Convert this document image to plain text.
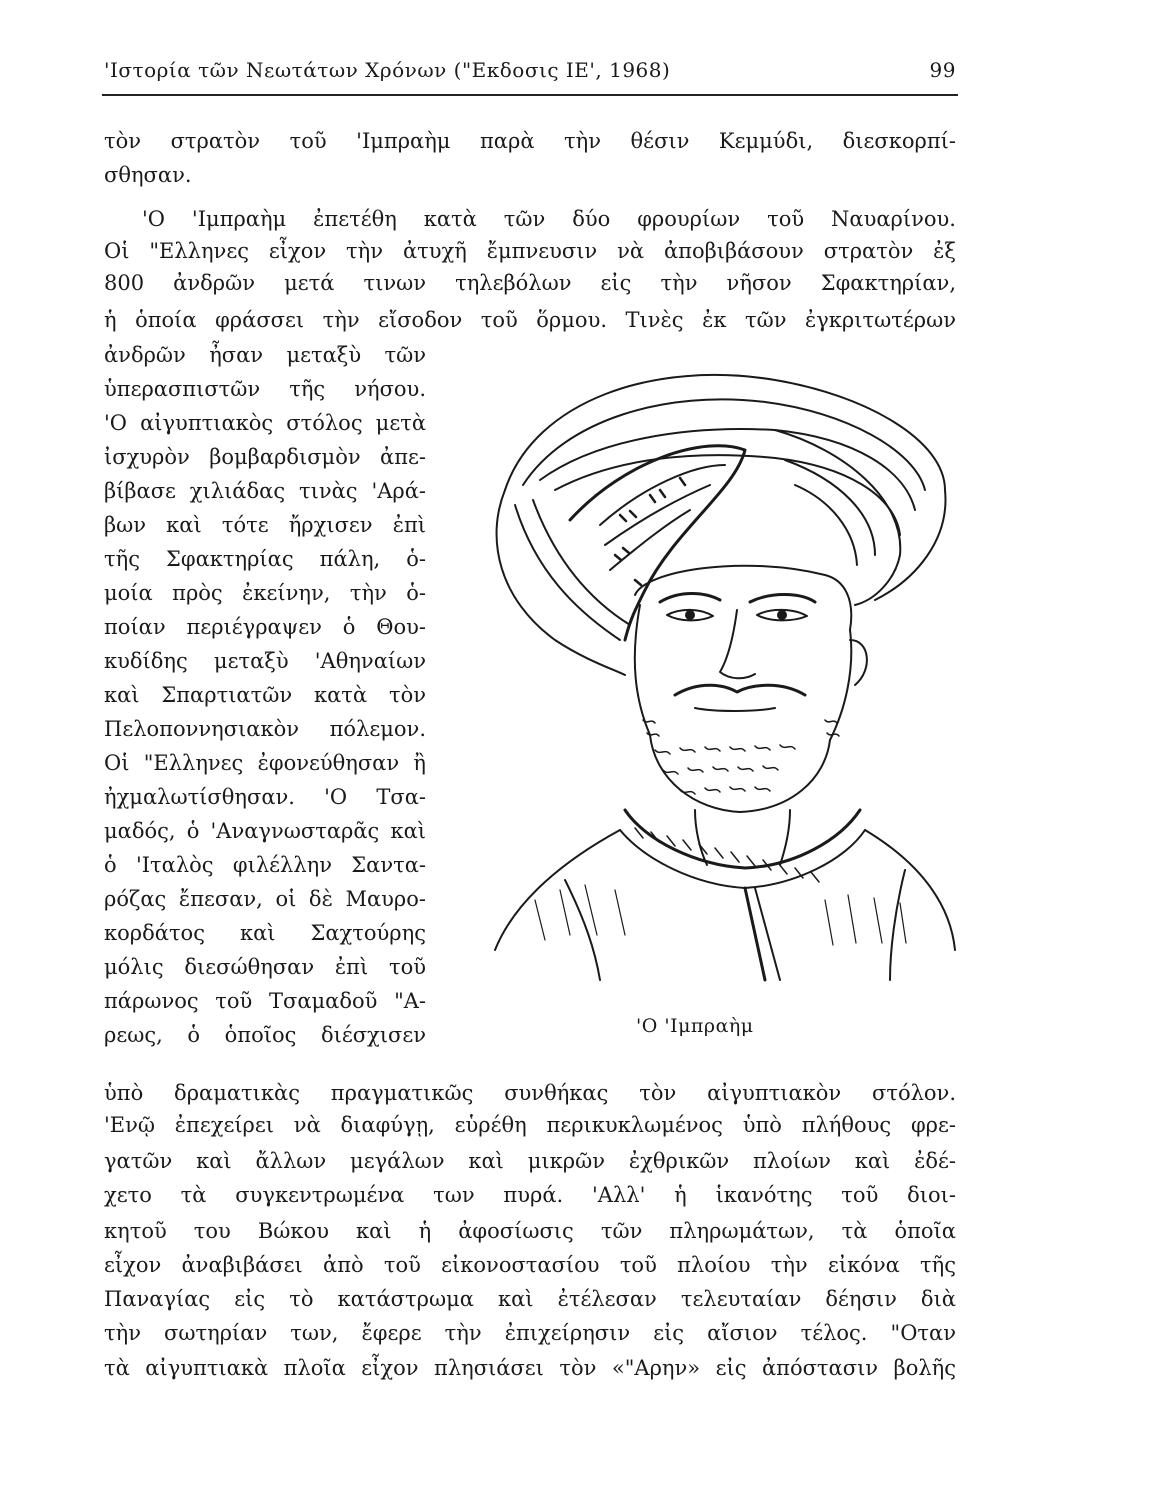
'Ιστορία τῶν Νεωτάτων Χρόνων ("Εκδοσις ΙΕ', 1968)	99
τὸν στρατὸν τοῦ 'Ιμπραὴμ παρὰ τὴν θέσιν Κεμμύδι, διεσκορπί-
σθησαν.
'Ο 'Ιμπραὴμ ἐπετέθη κατὰ τῶν δύο φρουρίων τοῦ Ναυαρίνου.
Οἱ "Ελληνες εἶχον τὴν ἀτυχῆ ἔμπνευσιν νὰ ἀποβιβάσουν στρατὸν ἐξ
800 ἀνδρῶν μετά τινων τηλεβόλων εἰς τὴν νῆσον Σφακτηρίαν,
ἡ ὁποία φράσσει τὴν εἴσοδον τοῦ ὅρμου. Τινὲς ἐκ τῶν ἐγκριτωτέρων
ἀνδρῶν ἦσαν μεταξὺ τῶν
ὑπερασπιστῶν τῆς νήσου.
'Ο αἰγυπτιακὸς στόλος μετὰ
ἰσχυρὸν βομβαρδισμὸν ἀπε-
βίβασε χιλιάδας τινὰς 'Αρά-
βων καὶ τότε ἤρχισεν ἐπὶ
τῆς Σφακτηρίας πάλη, ὁ-
μοία πρὸς ἐκείνην, τὴν ὁ-
ποίαν περιέγραψεν ὁ Θου-
κυδίδης μεταξὺ 'Αθηναίων
καὶ Σπαρτιατῶν κατὰ τὸν
Πελοποννησιακὸν πόλεμον.
Οἱ "Ελληνες ἐφονεύθησαν ἢ
ἠχμαλωτίσθησαν. 'Ο Τσα-
μαδός, ὁ 'Αναγνωσταρᾶς καὶ
ὁ 'Ιταλὸς φιλέλλην Σαντα-
ρόζας ἔπεσαν, οἱ δὲ Μαυρο-
κορδάτος καὶ Σαχτούρης
μόλις διεσώθησαν ἐπὶ τοῦ
πάρωνος τοῦ Τσαμαδοῦ "Α-
ρεως, ὁ ὁποῖος διέσχισεν	'Ο 'Ιμπραὴμ
ὑπὸ δραματικὰς πραγματικῶς συνθήκας τὸν αἰγυπτιακὸν στόλον.
'Ενῷ ἐπεχείρει νὰ διαφύγῃ, εὑρέθη περικυκλωμένος ὑπὸ πλήθους φρε-
γατῶν καὶ ἄλλων μεγάλων καὶ μικρῶν ἐχθρικῶν πλοίων καὶ ἐδέ-
χετο τὰ συγκεντρωμένα των πυρά. 'Αλλ' ἡ ἱκανότης τοῦ διοι-
κητοῦ του Βώκου καὶ ἡ ἀφοσίωσις τῶν πληρωμάτων, τὰ ὁποῖα
εἶχον ἀναβιβάσει ἀπὸ τοῦ εἰκονοστασίου τοῦ πλοίου τὴν εἰκόνα τῆς
Παναγίας εἰς τὸ κατάστρωμα καὶ ἐτέλεσαν τελευταίαν δέησιν διὰ
τὴν σωτηρίαν των, ἔφερε τὴν ἐπιχείρησιν εἰς αἴσιον τέλος. "Οταν
τὰ αἰγυπτιακὰ πλοῖα εἶχον πλησιάσει τὸν «"Αρην» εἰς ἀπόστασιν βολῆς
